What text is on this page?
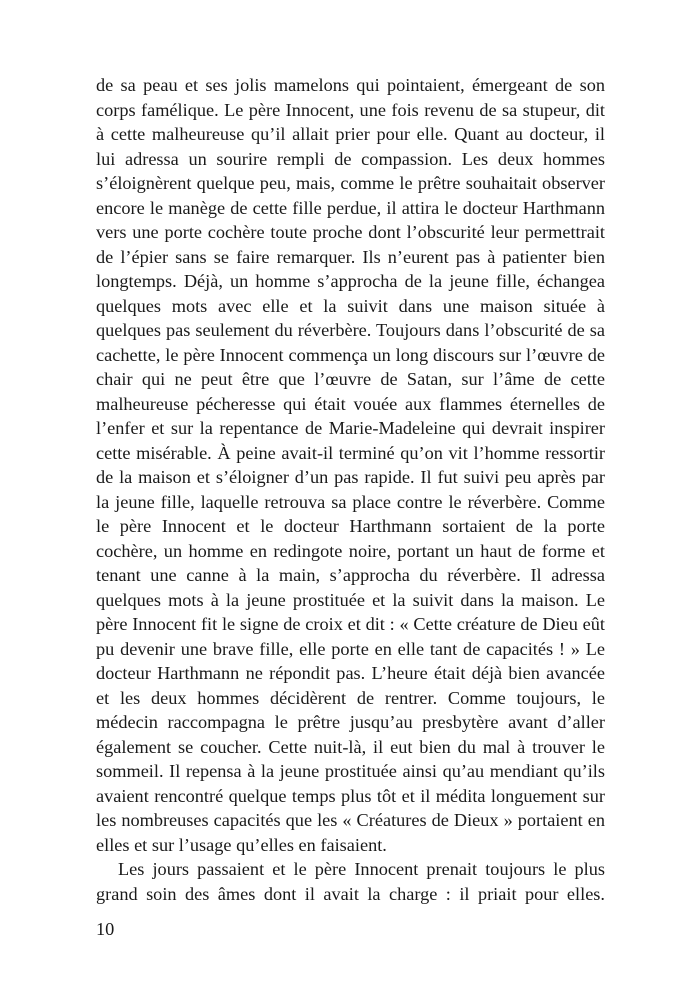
de sa peau et ses jolis mamelons qui pointaient, émergeant de son
corps famélique. Le père Innocent, une fois revenu de sa stupeur, dit
à cette malheureuse qu’il allait prier pour elle. Quant au docteur, il
lui adressa un sourire rempli de compassion. Les deux hommes
s’éloignèrent quelque peu, mais, comme le prêtre souhaitait observer
encore le manège de cette fille perdue, il attira le docteur Harthmann
vers une porte cochère toute proche dont l’obscurité leur permettrait
de l’épier sans se faire remarquer. Ils n’eurent pas à patienter bien
longtemps. Déjà, un homme s’approcha de la jeune fille, échangea
quelques mots avec elle et la suivit dans une maison située à
quelques pas seulement du réverbère. Toujours dans l’obscurité de sa
cachette, le père Innocent commença un long discours sur l’œuvre de
chair qui ne peut être que l’œuvre de Satan, sur l’âme de cette
malheureuse pécheresse qui était vouée aux flammes éternelles de
l’enfer et sur la repentance de Marie-Madeleine qui devrait inspirer
cette misérable. À peine avait-il terminé qu’on vit l’homme ressortir
de la maison et s’éloigner d’un pas rapide. Il fut suivi peu après par
la jeune fille, laquelle retrouva sa place contre le réverbère. Comme
le père Innocent et le docteur Harthmann sortaient de la porte
cochère, un homme en redingote noire, portant un haut de forme et
tenant une canne à la main, s’approcha du réverbère. Il adressa
quelques mots à la jeune prostituée et la suivit dans la maison. Le
père Innocent fit le signe de croix et dit : « Cette créature de Dieu eût
pu devenir une brave fille, elle porte en elle tant de capacités ! » Le
docteur Harthmann ne répondit pas. L’heure était déjà bien avancée
et les deux hommes décidèrent de rentrer. Comme toujours, le
médecin raccompagna le prêtre jusqu’au presbytère avant d’aller
également se coucher. Cette nuit-là, il eut bien du mal à trouver le
sommeil. Il repensa à la jeune prostituée ainsi qu’au mendiant qu’ils
avaient rencontré quelque temps plus tôt et il médita longuement sur
les nombreuses capacités que les « Créatures de Dieux » portaient en
elles et sur l’usage qu’elles en faisaient.
Les jours passaient et le père Innocent prenait toujours le plus
grand soin des âmes dont il avait la charge : il priait pour elles.
10
